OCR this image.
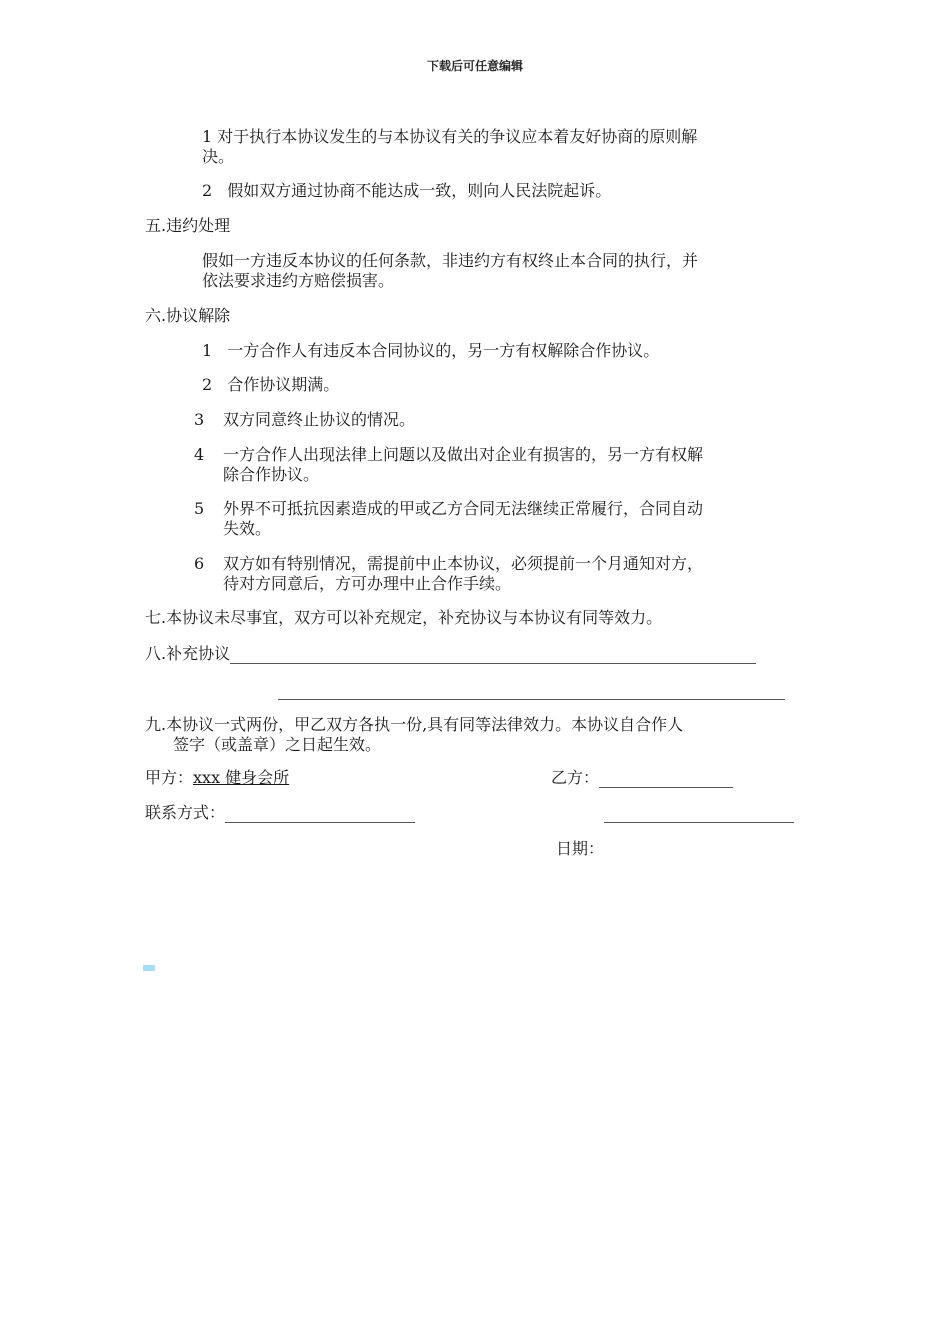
下载后可任意编辑
1 对于执行本协议发生的与本协议有关的争议应本着友好协商的原则解
决。
2 假如双方通过协商不能达成一致，则向人民法院起诉。
五.违约处理
假如一方违反本协议的任何条款，非违约方有权终止本合同的执行，并
依法要求违约方赔偿损害。
六.协议解除
1 一方合作人有违反本合同协议的，另一方有权解除合作协议。
2 合作协议期满。
3 双方同意终止协议的情况。
4 一方合作人出现法律上问题以及做出对企业有损害的，另一方有权解
除合作协议。
5 外界不可抵抗因素造成的甲或乙方合同无法继续正常履行，合同自动
失效。
6 双方如有特别情况，需提前中止本协议，必须提前一个月通知对方，
待对方同意后，方可办理中止合作手续。
七.本协议未尽事宜，双方可以补充规定，补充协议与本协议有同等效力。
八.补充协议
九.本协议一式两份，甲乙双方各执一份,具有同等法律效力。本协议自合作人
签字（或盖章）之日起生效。
甲方：xxx 健身会所	乙方：
联系方式：
日期：
